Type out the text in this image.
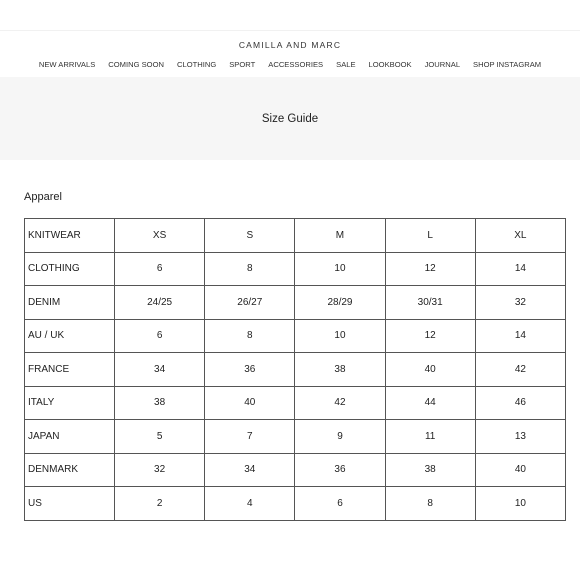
CAMILLA AND MARC
NEW ARRIVALS COMING SOON CLOTHING SPORT ACCESSORIES SALE LOOKBOOK JOURNAL SHOP INSTAGRAM
Size Guide
Apparel
KNITWEAR	XS	S	M	L	XL
CLOTHING	6	8	10	12	14
DENIM	24/25	26/27	28/29	30/31	32
AU / UK	6	8	10	12	14
FRANCE	34	36	38	40	42
ITALY	38	40	42	44	46
JAPAN	5	7	9	11	13
DENMARK	32	34	36	38	40
US	2	4	6	8	10
